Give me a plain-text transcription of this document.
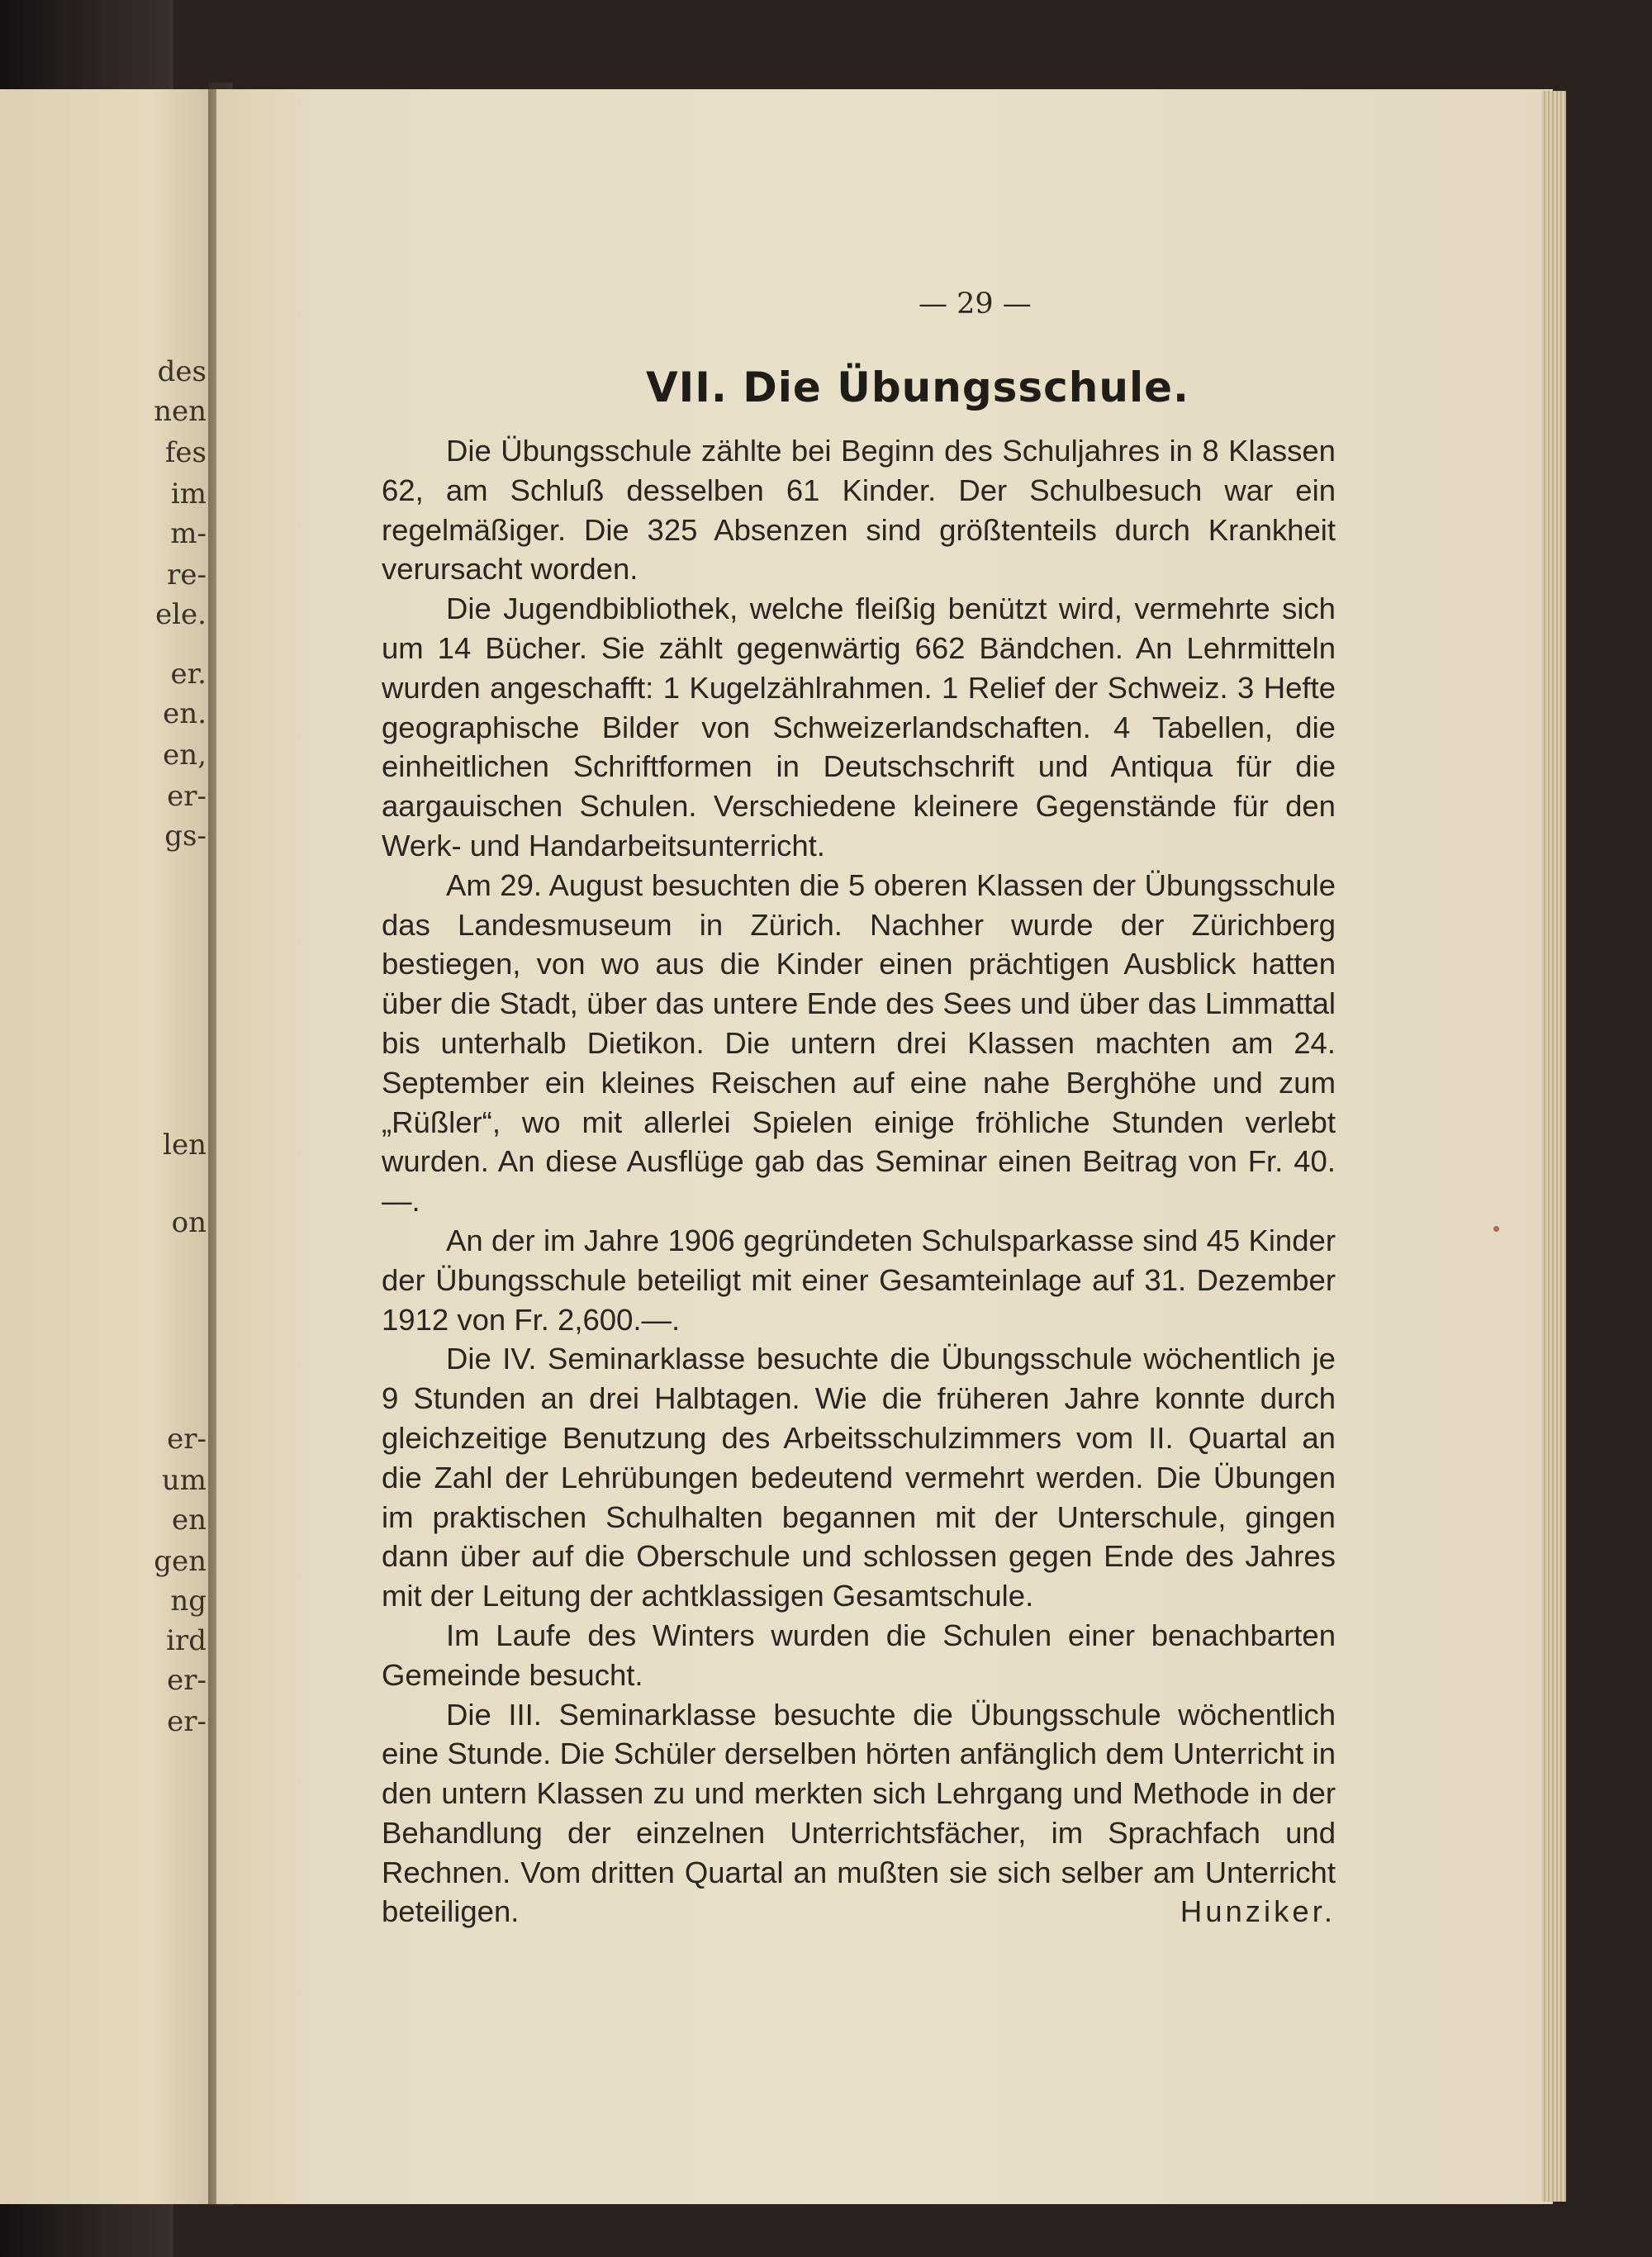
des

nen

fes

im

m-

re-

ele.

er.

en.

en,

er-

gs-

len

on

er-

um

en

gen

ng

ird

er-

er-

— 29 —

VII. Die Übungsschule.

Die Übungsschule zählte bei Beginn des Schuljahres in 8 Klassen 62, am Schluß desselben 61 Kinder. Der Schulbesuch war ein regelmäßiger. Die 325 Absenzen sind größtenteils durch Krankheit verursacht worden.

Die Jugendbibliothek, welche fleißig benützt wird, vermehrte sich um 14 Bücher. Sie zählt gegenwärtig 662 Bändchen. An Lehrmitteln wurden angeschafft: 1 Kugelzählrahmen. 1 Relief der Schweiz. 3 Hefte geographische Bilder von Schweizerlandschaften. 4 Tabellen, die einheitlichen Schriftformen in Deutschschrift und Antiqua für die aargauischen Schulen. Verschiedene kleinere Gegenstände für den Werk- und Handarbeitsunterricht.

Am 29. August besuchten die 5 oberen Klassen der Übungsschule das Landesmuseum in Zürich. Nachher wurde der Zürichberg bestiegen, von wo aus die Kinder einen prächtigen Ausblick hatten über die Stadt, über das untere Ende des Sees und über das Limmattal bis unterhalb Dietikon. Die untern drei Klassen machten am 24. September ein kleines Reischen auf eine nahe Berghöhe und zum „Rüßler“, wo mit allerlei Spielen einige fröhliche Stunden verlebt wurden. An diese Ausflüge gab das Seminar einen Beitrag von Fr. 40.—.

An der im Jahre 1906 gegründeten Schulsparkasse sind 45 Kinder der Übungsschule beteiligt mit einer Gesamteinlage auf 31. Dezember 1912 von Fr. 2,600.—.

Die IV. Seminarklasse besuchte die Übungsschule wöchentlich je 9 Stunden an drei Halbtagen. Wie die früheren Jahre konnte durch gleichzeitige Benutzung des Arbeitsschulzimmers vom II. Quartal an die Zahl der Lehrübungen bedeutend vermehrt werden. Die Übungen im praktischen Schulhalten begannen mit der Unterschule, gingen dann über auf die Oberschule und schlossen gegen Ende des Jahres mit der Leitung der achtklassigen Gesamtschule.

Im Laufe des Winters wurden die Schulen einer benachbarten Gemeinde besucht.

Die III. Seminarklasse besuchte die Übungsschule wöchentlich eine Stunde. Die Schüler derselben hörten anfänglich dem Unterricht in den untern Klassen zu und merkten sich Lehrgang und Methode in der Behandlung der einzelnen Unterrichtsfächer, im Sprachfach und Rechnen. Vom dritten Quartal an mußten sie sich selber am Unterricht beteiligen.	Hunziker.
